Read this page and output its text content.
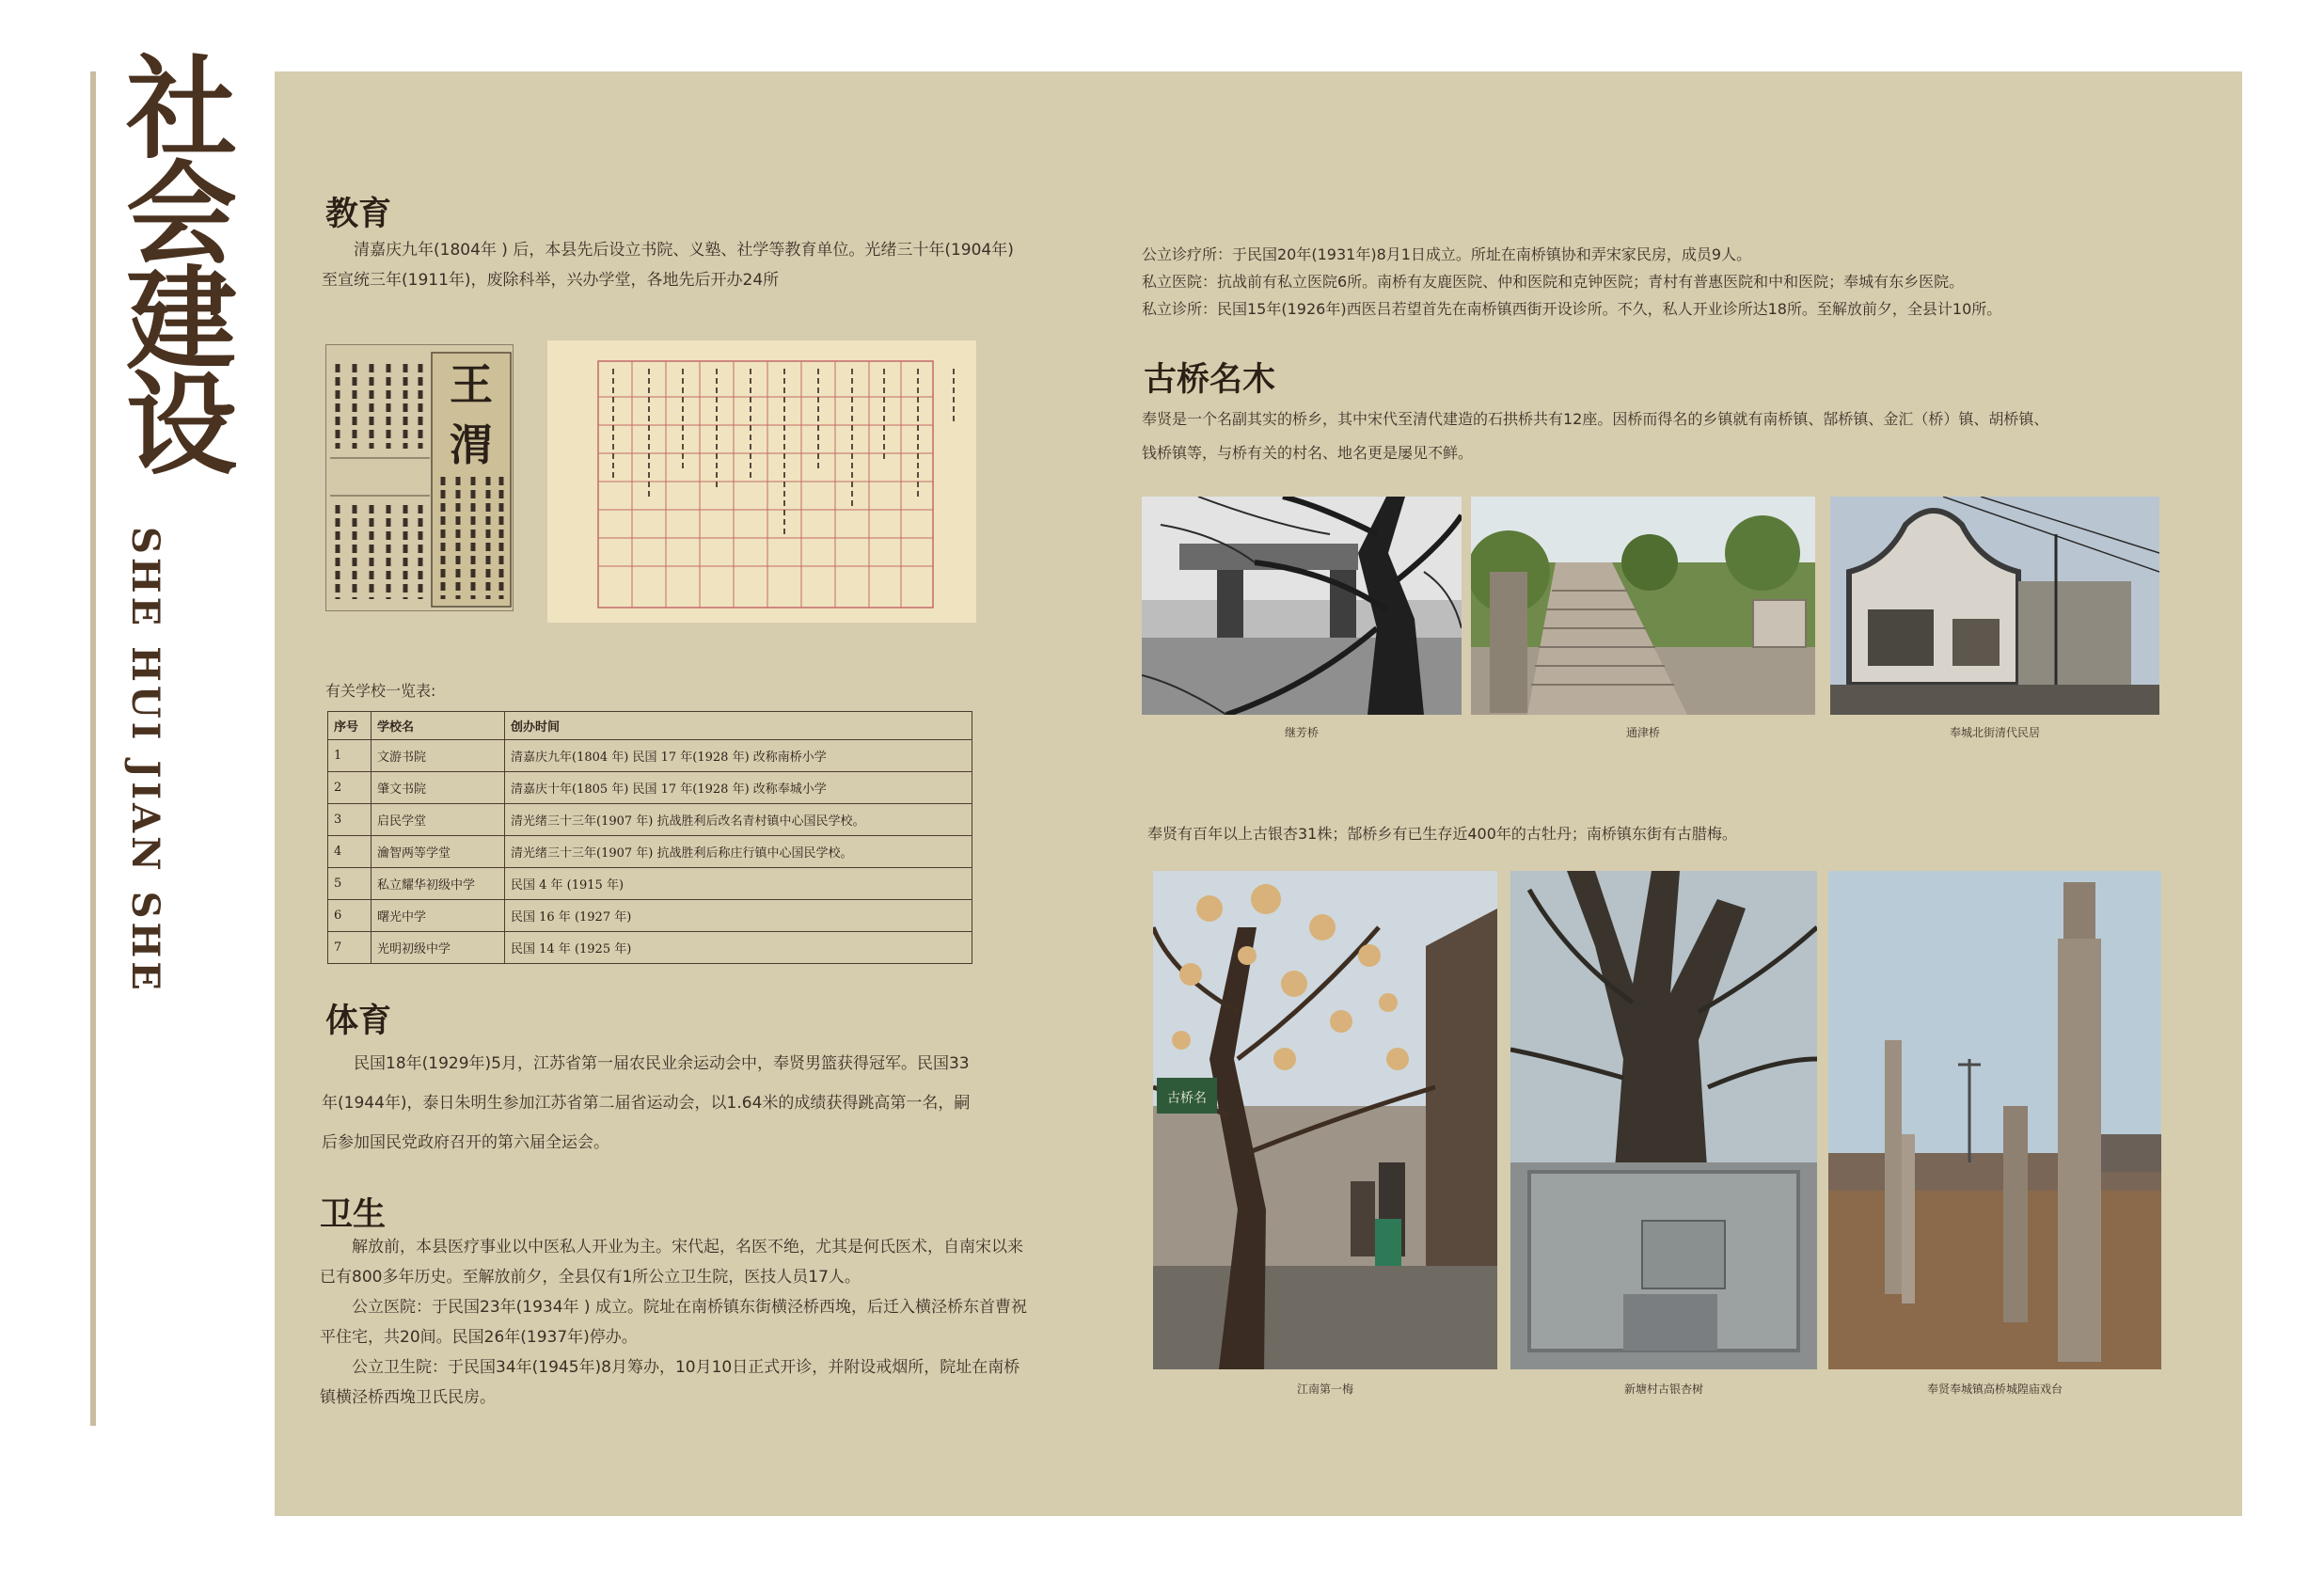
社
会
建
设
SHE HUI JIAN SHE
教育

清嘉庆九年(1804年 ) 后，本县先后设立书院、义塾、社学等教育单位。光绪三十年(1904年)

至宣统三年(1911年)，废除科举，兴办学堂，各地先后开办24所

王
渭
有关学校一览表:
序号	学校名	创办时间
1	文游书院	清嘉庆九年(1804 年) 民国 17 年(1928 年) 改称南桥小学
2	肇文书院	清嘉庆十年(1805 年) 民国 17 年(1928 年) 改称奉城小学
3	启民学堂	清光绪三十三年(1907 年) 抗战胜利后改名青村镇中心国民学校。
4	瀹智两等学堂	清光绪三十三年(1907 年) 抗战胜利后称庄行镇中心国民学校。
5	私立耀华初级中学	民国 4 年 (1915 年)
6	曙光中学	民国 16 年 (1927 年)
7	光明初级中学	民国 14 年 (1925 年)
体育

民国18年(1929年)5月，江苏省第一届农民业余运动会中，奉贤男篮获得冠军。民国33

年(1944年)，泰日朱明生参加江苏省第二届省运动会，以1.64米的成绩获得跳高第一名，嗣

后参加国民党政府召开的第六届全运会。

卫生

解放前，本县医疗事业以中医私人开业为主。宋代起，名医不绝，尤其是何氏医术，自南宋以来

已有800多年历史。至解放前夕，全县仅有1所公立卫生院，医技人员17人。

公立医院：于民国23年(1934年 ) 成立。院址在南桥镇东街横泾桥西堍，后迁入横泾桥东首曹祝

平住宅，共20间。民国26年(1937年)停办。

公立卫生院：于民国34年(1945年)8月筹办，10月10日正式开诊，并附设戒烟所，院址在南桥

镇横泾桥西堍卫氏民房。

公立诊疗所：于民国20年(1931年)8月1日成立。所址在南桥镇协和弄宋家民房，成员9人。

私立医院：抗战前有私立医院6所。南桥有友鹿医院、仲和医院和克钟医院；青村有普惠医院和中和医院；奉城有东乡医院。

私立诊所：民国15年(1926年)西医吕若望首先在南桥镇西街开设诊所。不久，私人开业诊所达18所。至解放前夕，全县计10所。

古桥名木

奉贤是一个名副其实的桥乡，其中宋代至清代建造的石拱桥共有12座。因桥而得名的乡镇就有南桥镇、郜桥镇、金汇（桥）镇、胡桥镇、

钱桥镇等，与桥有关的村名、地名更是屡见不鲜。

继芳桥	通津桥	奉城北街清代民居
奉贤有百年以上古银杏31株；郜桥乡有已生存近400年的古牡丹；南桥镇东街有古腊梅。
古桥名
江南第一梅	新塘村古银杏树	奉贤奉城镇高桥城隍庙戏台
